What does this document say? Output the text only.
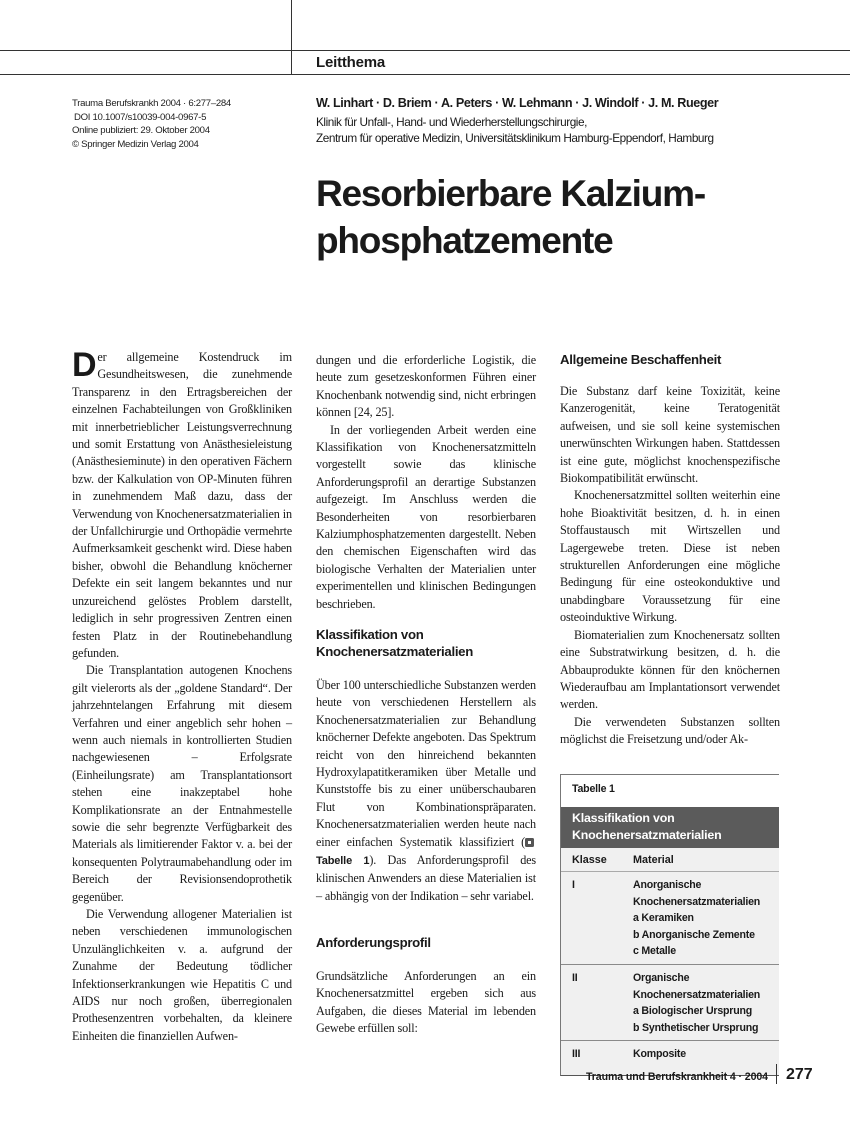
Leitthema
Trauma Berufskrankh 2004 · 6:277–284
DOI 10.1007/s10039-004-0967-5
Online publiziert: 29. Oktober 2004
© Springer Medizin Verlag 2004
W. Linhart · D. Briem · A. Peters · W. Lehmann · J. Windolf · J. M. Rueger
Klinik für Unfall-, Hand- und Wiederherstellungschirurgie,
Zentrum für operative Medizin, Universitätsklinikum Hamburg-Eppendorf, Hamburg
Resorbierbare Kalzium-
phosphatzemente

Der allgemeine Kostendruck im Gesundheitswesen, die zunehmende Transparenz in den Ertragsbereichen der einzelnen Fachabteilungen von Großkliniken mit innerbetrieblicher Leistungsverrechnung und somit Erstattung von Anästhesieleistung (Anästhesieminute) in den operativen Fächern bzw. der Kalkulation von OP-Minuten führen in zunehmendem Maß dazu, dass der Verwendung von Knochenersatzmaterialien in der Unfallchirurgie und Orthopädie vermehrte Aufmerksamkeit geschenkt wird. Diese haben bisher, obwohl die Behandlung knöcherner Defekte ein seit langem bekanntes und nur unzureichend gelöstes Problem darstellt, lediglich in sehr progressiven Zentren einen festen Platz in der Routinebehandlung gefunden.

Die Transplantation autogenen Knochens gilt vielerorts als der „goldene Standard“. Der jahrzehntelangen Erfahrung mit diesem Verfahren und einer angeblich sehr hohen – wenn auch niemals in kontrollierten Studien nachgewiesenen – Erfolgsrate (Einheilungsrate) am Transplantationsort stehen eine inakzeptabel hohe Komplikationsrate an der Entnahmestelle sowie die sehr begrenzte Verfügbarkeit des Materials als limitierender Faktor v. a. bei der konsequenten Polytraumabehandlung oder im Bereich der Revisionsendoprothetik gegenüber.

Die Verwendung allogener Materialien ist neben verschiedenen immunologischen Unzulänglichkeiten v. a. aufgrund der Zunahme der Bedeutung tödlicher Infektionserkrankungen wie Hepatitis C und AIDS nur noch großen, überregionalen Prothesenzentren vorbehalten, da kleinere Einheiten die finanziellen Aufwen-

dungen und die erforderliche Logistik, die heute zum gesetzeskonformen Führen einer Knochenbank notwendig sind, nicht erbringen können [24, 25].

In der vorliegenden Arbeit werden eine Klassifikation von Knochenersatzmitteln vorgestellt sowie das klinische Anforderungsprofil an derartige Substanzen aufgezeigt. Im Anschluss werden die Besonderheiten von resorbierbaren Kalziumphosphatzementen dargestellt. Neben den chemischen Eigenschaften wird das biologische Verhalten der Materialien unter experimentellen und klinischen Bedingungen beschrieben.

Klassifikation von
Knochenersatzmaterialien

Über 100 unterschiedliche Substanzen werden heute von verschiedenen Herstellern als Knochenersatzmaterialien zur Behandlung knöcherner Defekte angeboten. Das Spektrum reicht von den hinreichend bekannten Hydroxylapatitkeramiken über Metalle und Kunststoffe bis zu einer unüberschaubaren Flut von Kombinationspräparaten. Knochenersatzmaterialien werden heute nach einer einfachen Systematik klassifiziert (Tabelle 1). Das Anforderungsprofil des klinischen Anwenders an diese Materialien ist – abhängig von der Indikation – sehr variabel.

Anforderungsprofil

Grundsätzliche Anforderungen an ein Knochenersatzmittel ergeben sich aus Aufgaben, die dieses Material im lebenden Gewebe erfüllen soll:

Allgemeine Beschaffenheit

Die Substanz darf keine Toxizität, keine Kanzerogenität, keine Teratogenität aufweisen, und sie soll keine systemischen unerwünschten Wirkungen haben. Stattdessen ist eine gute, möglichst knochenspezifische Biokompatibilität erwünscht.

Knochenersatzmittel sollten weiterhin eine hohe Bioaktivität besitzen, d. h. in einen Stoffaustausch mit Wirtszellen und Lagergewebe treten. Diese ist neben strukturellen Anforderungen eine mögliche Bedingung für eine osteokonduktive und unabdingbare Voraussetzung für eine osteoinduktive Wirkung.

Biomaterialien zum Knochenersatz sollten eine Substratwirkung besitzen, d. h. die Abbauprodukte können für den knöchernen Wiederaufbau am Implantationsort verwendet werden.

Die verwendeten Substanzen sollten möglichst die Freisetzung und/oder Ak-

Tabelle 1
Klassifikation von
Knochenersatzmaterialien
Klasse	Material
I	Anorganische
Knochenersatzmaterialien
a Keramiken
b Anorganische Zemente
c Metalle
II	Organische
Knochenersatzmaterialien
a Biologischer Ursprung
b Synthetischer Ursprung
III	Komposite
Trauma und Berufskrankheit 4 · 2004 277
